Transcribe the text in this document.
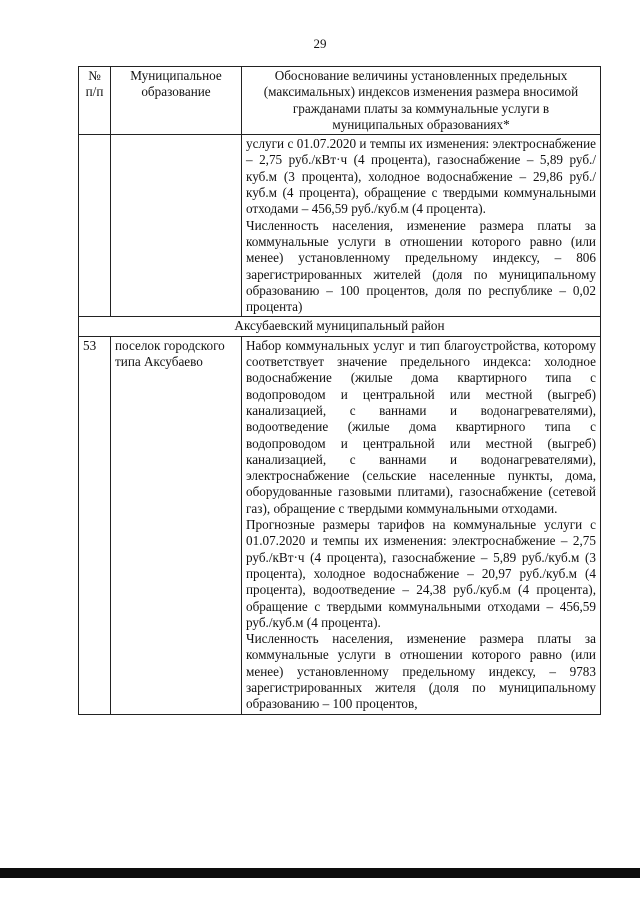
29
№ п/п	Муниципальное образование	Обоснование величины установленных предельных (максимальных) индексов изменения размера вносимой гражданами платы за коммунальные услуги в муниципальных образованиях*

		услуги с 01.07.2020 и темпы их изменения: электроснабжение – 2,75 руб./кВт·ч (4 процента), газоснабжение – 5,89 руб./куб.м (3 процента), холодное водоснабжение – 29,86 руб./куб.м (4 процента), обращение с твердыми коммунальными отходами – 456,59 руб./куб.м (4 процента).

Численность населения, изменение размера платы за коммунальные услуги в отношении которого равно (или менее) установленному предельному индексу, – 806 зарегистрированных жителей (доля по муниципальному образованию – 100 процентов, доля по республике – 0,02 процента)

Аксубаевский муниципальный район		
53	поселок городского типа Аксубаево	Набор коммунальных услуг и тип благоустройства, которому соответствует значение предельного индекса: холодное водоснабжение (жилые дома квартирного типа с водопроводом и центральной или местной (выгреб) канализацией, с ваннами и водонагревателями), водоотведение (жилые дома квартирного типа с водопроводом и центральной или местной (выгреб) канализацией, с ваннами и водонагревателями), электроснабжение (сельские населенные пункты, дома, оборудованные газовыми плитами), газоснабжение (сетевой газ), обращение с твердыми коммунальными отходами.

Прогнозные размеры тарифов на коммунальные услуги с 01.07.2020 и темпы их изменения: электроснабжение – 2,75 руб./кВт·ч (4 процента), газоснабжение – 5,89 руб./куб.м (3 процента), холодное водоснабжение – 20,97 руб./куб.м (4 процента), водоотведение – 24,38 руб./куб.м (4 процента), обращение с твердыми коммунальными отходами – 456,59 руб./куб.м (4 процента).

Численность населения, изменение размера платы за коммунальные услуги в отношении которого равно (или менее) установленному предельному индексу, – 9783 зарегистрированных жителя (доля по муниципальному образованию – 100 процентов,
